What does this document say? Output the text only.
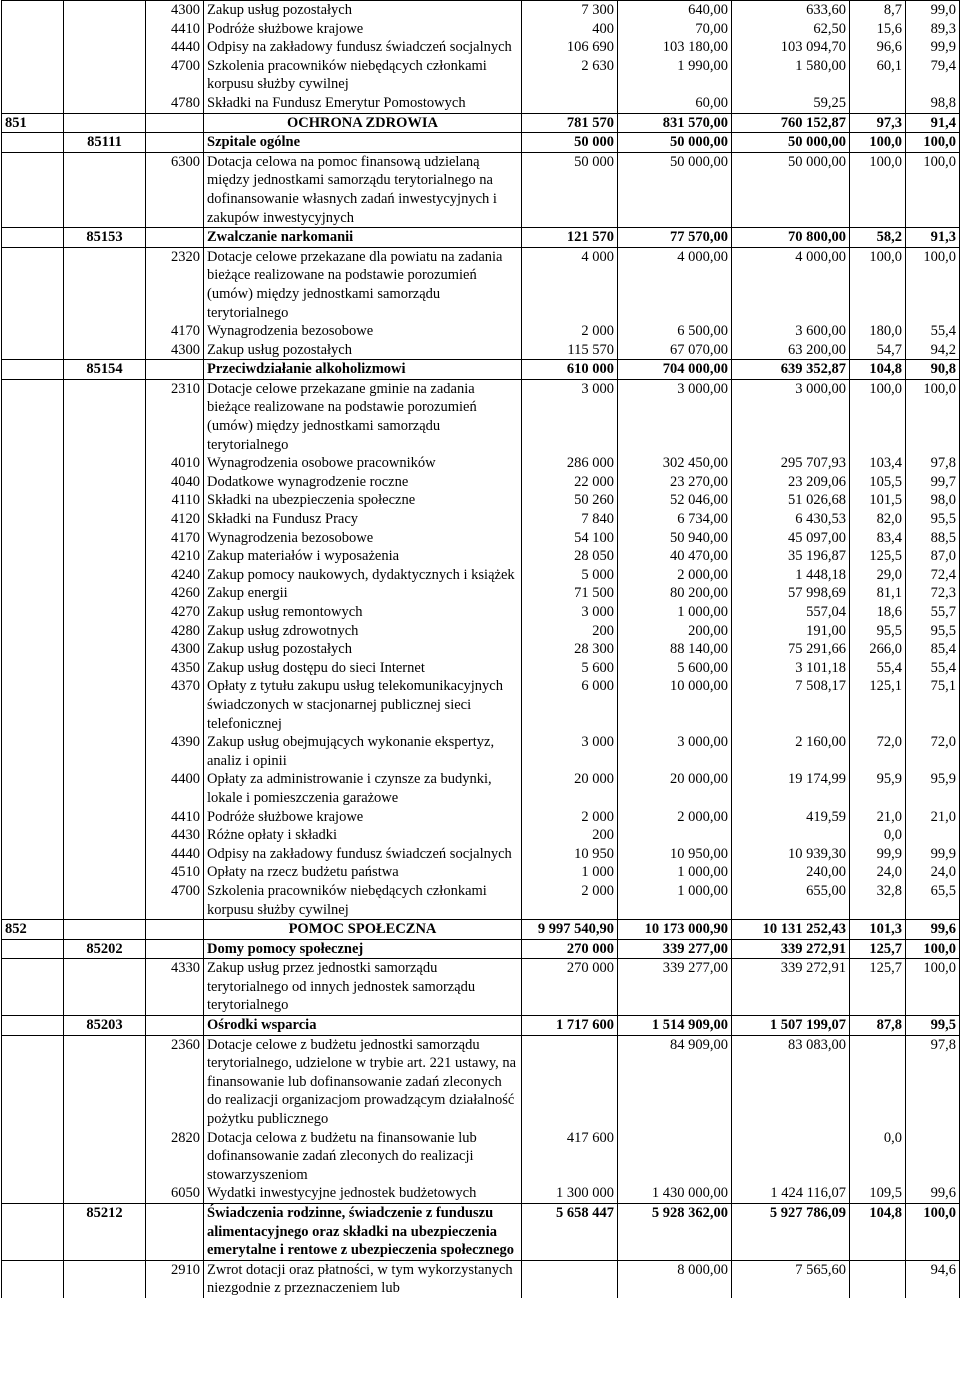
		4300	Zakup usług pozostałych	7 300	640,00	633,60	8,7	99,0
		4410	Podróże służbowe krajowe	400	70,00	62,50	15,6	89,3
		4440	Odpisy na zakładowy fundusz świadczeń socjalnych	106 690	103 180,00	103 094,70	96,6	99,9
		4700	Szkolenia pracowników niebędących członkami korpusu służby cywilnej	2 630	1 990,00	1 580,00	60,1	79,4
		4780	Składki na Fundusz Emerytur Pomostowych		60,00	59,25		98,8
851			OCHRONA ZDROWIA	781 570	831 570,00	760 152,87	97,3	91,4
	85111		Szpitale ogólne	50 000	50 000,00	50 000,00	100,0	100,0
		6300	Dotacja celowa na pomoc finansową udzielaną między jednostkami samorządu terytorialnego na dofinansowanie własnych zadań inwestycyjnych i zakupów inwestycyjnych	50 000	50 000,00	50 000,00	100,0	100,0
	85153		Zwalczanie narkomanii	121 570	77 570,00	70 800,00	58,2	91,3
		2320	Dotacje celowe przekazane dla powiatu na zadania bieżące realizowane na podstawie porozumień (umów) między jednostkami samorządu terytorialnego	4 000	4 000,00	4 000,00	100,0	100,0
		4170	Wynagrodzenia bezosobowe	2 000	6 500,00	3 600,00	180,0	55,4
		4300	Zakup usług pozostałych	115 570	67 070,00	63 200,00	54,7	94,2
	85154		Przeciwdziałanie alkoholizmowi	610 000	704 000,00	639 352,87	104,8	90,8
		2310	Dotacje celowe przekazane gminie na zadania bieżące realizowane na podstawie porozumień (umów) między jednostkami samorządu terytorialnego	3 000	3 000,00	3 000,00	100,0	100,0
		4010	Wynagrodzenia osobowe pracowników	286 000	302 450,00	295 707,93	103,4	97,8
		4040	Dodatkowe wynagrodzenie roczne	22 000	23 270,00	23 209,06	105,5	99,7
		4110	Składki na ubezpieczenia społeczne	50 260	52 046,00	51 026,68	101,5	98,0
		4120	Składki na Fundusz Pracy	7 840	6 734,00	6 430,53	82,0	95,5
		4170	Wynagrodzenia bezosobowe	54 100	50 940,00	45 097,00	83,4	88,5
		4210	Zakup materiałów i wyposażenia	28 050	40 470,00	35 196,87	125,5	87,0
		4240	Zakup pomocy naukowych, dydaktycznych i książek	5 000	2 000,00	1 448,18	29,0	72,4
		4260	Zakup energii	71 500	80 200,00	57 998,69	81,1	72,3
		4270	Zakup usług remontowych	3 000	1 000,00	557,04	18,6	55,7
		4280	Zakup usług zdrowotnych	200	200,00	191,00	95,5	95,5
		4300	Zakup usług pozostałych	28 300	88 140,00	75 291,66	266,0	85,4
		4350	Zakup usług dostępu do sieci Internet	5 600	5 600,00	3 101,18	55,4	55,4
		4370	Opłaty z tytułu zakupu usług telekomunikacyjnych świadczonych w stacjonarnej publicznej sieci telefonicznej	6 000	10 000,00	7 508,17	125,1	75,1
		4390	Zakup usług obejmujących wykonanie ekspertyz, analiz i opinii	3 000	3 000,00	2 160,00	72,0	72,0
		4400	Opłaty za administrowanie i czynsze za budynki, lokale i pomieszczenia garażowe	20 000	20 000,00	19 174,99	95,9	95,9
		4410	Podróże służbowe krajowe	2 000	2 000,00	419,59	21,0	21,0
		4430	Różne opłaty i składki	200			0,0	
		4440	Odpisy na zakładowy fundusz świadczeń socjalnych	10 950	10 950,00	10 939,30	99,9	99,9
		4510	Opłaty na rzecz budżetu państwa	1 000	1 000,00	240,00	24,0	24,0
		4700	Szkolenia pracowników niebędących członkami korpusu służby cywilnej	2 000	1 000,00	655,00	32,8	65,5
852			POMOC SPOŁECZNA	9 997 540,90	10 173 000,90	10 131 252,43	101,3	99,6
	85202		Domy pomocy społecznej	270 000	339 277,00	339 272,91	125,7	100,0
		4330	Zakup usług przez jednostki samorządu terytorialnego od innych jednostek samorządu terytorialnego	270 000	339 277,00	339 272,91	125,7	100,0
	85203		Ośrodki wsparcia	1 717 600	1 514 909,00	1 507 199,07	87,8	99,5
		2360	Dotacje celowe z budżetu jednostki samorządu terytorialnego, udzielone w trybie art. 221 ustawy, na finansowanie lub dofinansowanie zadań zleconych do realizacji organizacjom prowadzącym działalność pożytku publicznego		84 909,00	83 083,00		97,8
		2820	Dotacja celowa z budżetu na finansowanie lub dofinansowanie zadań zleconych do realizacji stowarzyszeniom	417 600			0,0	
		6050	Wydatki inwestycyjne jednostek budżetowych	1 300 000	1 430 000,00	1 424 116,07	109,5	99,6
	85212		Świadczenia rodzinne, świadczenie z funduszu alimentacyjnego oraz składki na ubezpieczenia emerytalne i rentowe z ubezpieczenia społecznego	5 658 447	5 928 362,00	5 927 786,09	104,8	100,0
		2910	Zwrot dotacji oraz płatności, w tym wykorzystanych niezgodnie z przeznaczeniem lub		8 000,00	7 565,60		94,6
